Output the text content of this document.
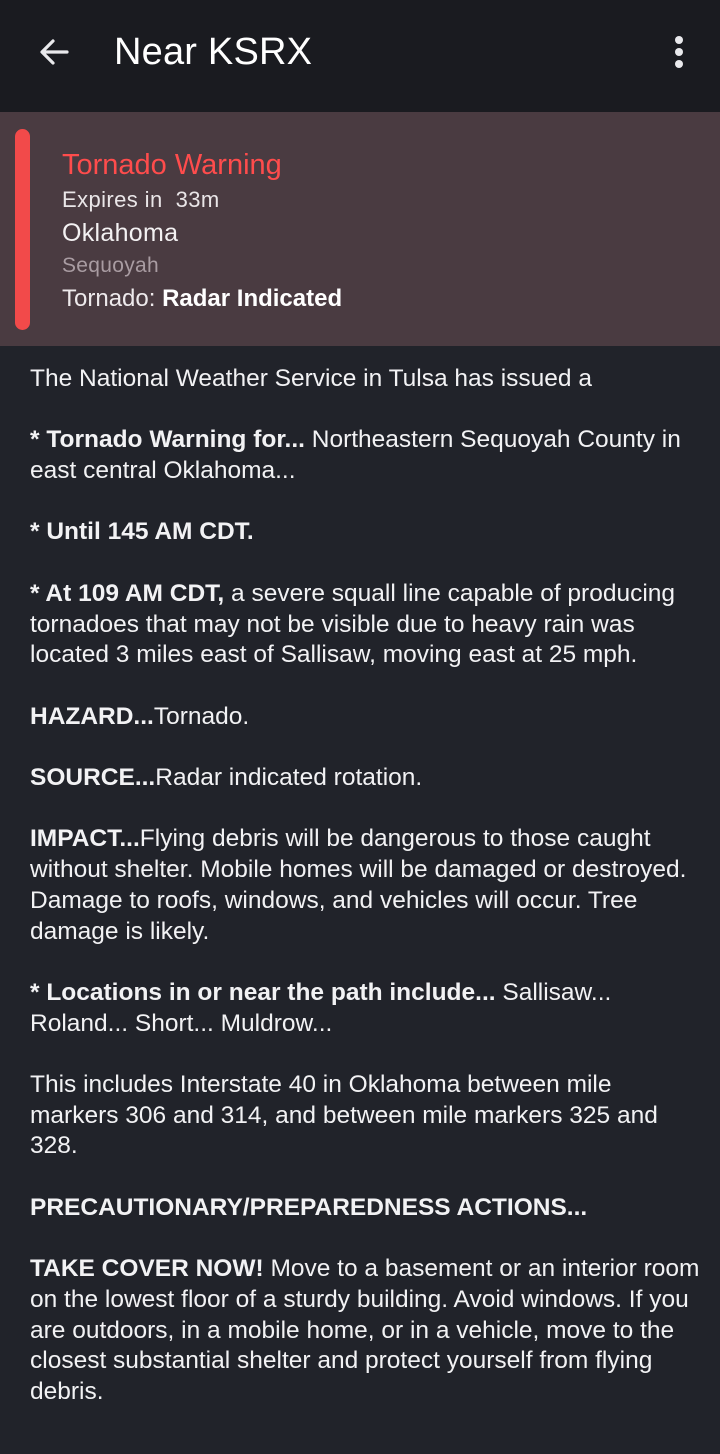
Near KSRX
Tornado Warning
Expires in  33m
Oklahoma
Sequoyah
Tornado: Radar Indicated

The National Weather Service in Tulsa has issued a

* Tornado Warning for... Northeastern Sequoyah County in east central Oklahoma...

* Until 145 AM CDT.

* At 109 AM CDT, a severe squall line capable of producing tornadoes that may not be visible due to heavy rain was located 3 miles east of Sallisaw, moving east at 25 mph.

HAZARD...Tornado.

SOURCE...Radar indicated rotation.

IMPACT...Flying debris will be dangerous to those caught without shelter. Mobile homes will be damaged or destroyed. Damage to roofs, windows, and vehicles will occur. Tree damage is likely.

* Locations in or near the path include... Sallisaw... Roland... Short... Muldrow...

This includes Interstate 40 in Oklahoma between mile markers 306 and 314, and between mile markers 325 and 328.

PRECAUTIONARY/PREPAREDNESS ACTIONS...

TAKE COVER NOW! Move to a basement or an interior room on the lowest floor of a sturdy building. Avoid windows. If you are outdoors, in a mobile home, or in a vehicle, move to the closest substantial shelter and protect yourself from flying debris.
